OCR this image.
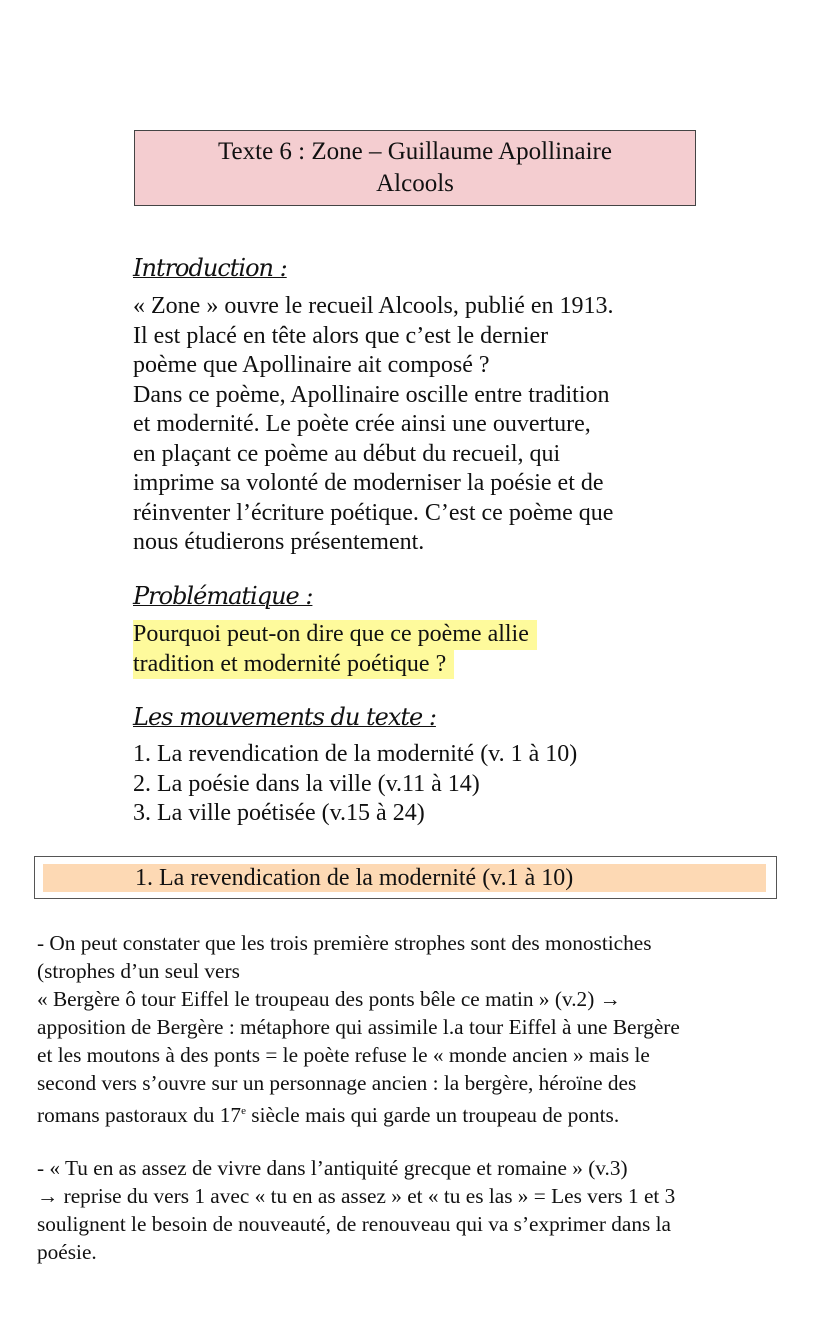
Texte 6 : Zone – Guillaume Apollinaire
Alcools
Introduction :
« Zone » ouvre le recueil Alcools, publié en 1913.
Il est placé en tête alors que c’est le dernier
poème que Apollinaire ait composé ?
Dans ce poème, Apollinaire oscille entre tradition
et modernité. Le poète crée ainsi une ouverture,
en plaçant ce poème au début du recueil, qui
imprime sa volonté de moderniser la poésie et de
réinventer l’écriture poétique. C’est ce poème que
nous étudierons présentement.
Problématique :
Pourquoi peut-on dire que ce poème allie
tradition et modernité poétique ?
Les mouvements du texte :
1. La revendication de la modernité (v. 1 à 10)
2. La poésie dans la ville (v.11 à 14)
3. La ville poétisée (v.15 à 24)
1. La revendication de la modernité (v.1 à 10)
- On peut constater que les trois première strophes sont des monostiches
(strophes d’un seul vers
« Bergère ô tour Eiffel le troupeau des ponts bêle ce matin » (v.2) →
apposition de Bergère : métaphore qui assimile l.a tour Eiffel à une Bergère
et les moutons à des ponts = le poète refuse le « monde ancien » mais le
second vers s’ouvre sur un personnage ancien : la bergère, héroïne des
romans pastoraux du 17e siècle mais qui garde un troupeau de ponts.
- « Tu en as assez de vivre dans l’antiquité grecque et romaine » (v.3)
→ reprise du vers 1 avec « tu en as assez » et « tu es las » = Les vers 1 et 3
soulignent le besoin de nouveauté, de renouveau qui va s’exprimer dans la
poésie.
